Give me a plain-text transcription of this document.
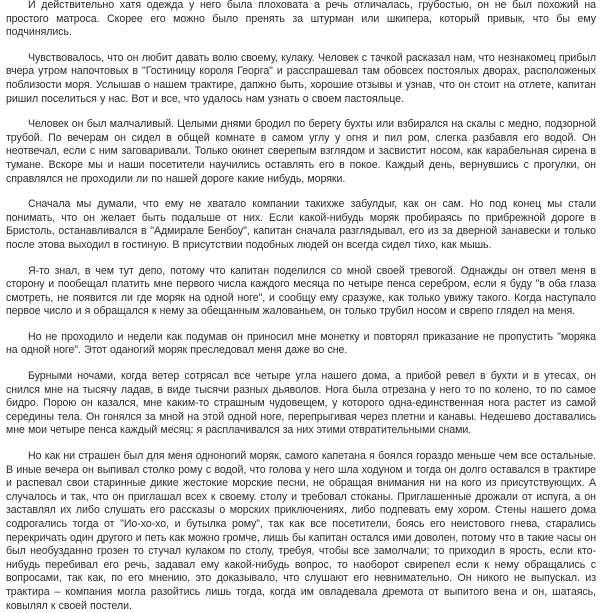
И действительно хатя одежда у него была плоховата а речь отличалась, грубостью, он не был похожий на простого матроса. Скорее его можно было пренять за штурман или шкипера, который привык, что бы ему подчинялись.

Чувствовалось, что он любит давать волю своему, кулаку. Человек с тачкой расказал нам, что незнакомец прибыл вчера утром напочтовых в "Гостиницу короля Георга" и расспрашевал там обовсех постоялых дворах, расположеных поблизости моря. Услышав о нашем трактире, дапжно быть, хорошие отзывы и узнав, что он стоит на отлете, капитан ришил поселиться у нас. Вот и все, что удалось нам узнать о своем пастояльце.

Человек он был малчаливый. Целыми днями бродил по берегу бухты или взбирался на скалы с медно, подзорной трубой. По вечерам он сидел в общей комнате в самом углу у огня и пил ром, слегка разбавля его водой. Он неотвечал, если с ним заговаривали. Только окинет сверепым взглядом и засвистит носом, как карабельная сирена в тумане. Вскоре мы и наши посетители научились оставлять его в покое. Каждый день, вернувшись с прогулки, он справлялся не проходили ли по нашей дороге какие нибудь, моряки.

Сначала мы думали, что ему не хватало компании такихже забулдыг, как он сам. Но под конец мы стали понимать, что он желает быть подальше от них. Если какой-нибудь моряк пробираясь по прибрежной дороге в Бристоль, останавливался в "Адмирале Бенбоу", капитан сначала разглядывал, его из за дверной занавески и только после этова выходил в гостиную. В присутствии подобных людей он всегда сидел тихо, как мышь.

Я-то знал, в чем тут депо, потому что капитан поделился со мной своей тревогой. Однажды он отвел меня в сторону и пообещал платить мне первого числа каждого месяца по четыре пенса серебром, если я буду "в оба глаза смотреть, не появится ли где моряк на одной ноге", и сообщу ему сразуже, как только увижу такого. Когда наступало первое число и я обращался к нему за обещанным жалованьем, он только трубил носом и сврепо глядел на меня.

Но не проходило и недели как подумав он приносил мне монетку и повторял приказание не пропустить "моряка на одной ноге". Этот оданогий моряк преследовал меня даже во сне.

Бурными ночами, когда ветер сотрясал все четыре угла нашего дома, а прибой ревел в бухти и в утесах, он снился мне на тысячу ладав, в виде тысячи разных дьяволов. Нога была отрезана у него то по колено, то по самое бидро. Порою он казался, мне каким-то страшным чудовещем, у которого одна-единственная нога растет из самой середины тела. Он гонялся за мной на этой одной ноге, перепрыгивая через плетни и канавы. Недешево доставались мне мои четыре пенса каждый месяц: я расплачивался за них этими отвратительными снами.

Но как ни страшен был для меня одноногий моряк, самого капетана я боялся гораздо меньше чем все остальные. В иные вечера он выпивал столко рому с водой, что голова у него шла ходуном и тогда он долго оставался в трактире и распевал свои старинные дикие жестокие морские песни, не обращая внимания ни на кого из присутствующих. А случалось и так, что он приглашал всех к своему. столу и требовал стоканы. Приглашенные дрожали от испуга, а он заставлял их либо слушать его рассказы о морских приключениях, либо подпевать ему хором. Стены нашего дома содрогались тогда от "Ио-хо-хо, и бутылка рому", так как все посетители, боясь его неистового гнева, старались перекричать один другого и петь как можно громче, лишь бы капитан остался ими доволен, потому что в такие часы он был необузданно грозен то стучал кулаком по столу, требуя, чтобы все замолчали; то приходил в ярость, если кто-нибудь перебивал его речь, задавал ему какой-нибудь вопрос, то наоборот свирепел если к нему обращались с вопросами, так как, по его мнению, это доказывало, что слушают его невнимательно. Он никого не выпускал. из трактира – компания могла разойтись лишь тогда, когда им овладевала дремота от выпитого вена и он, шатаясь, ковылял к своей постели.
